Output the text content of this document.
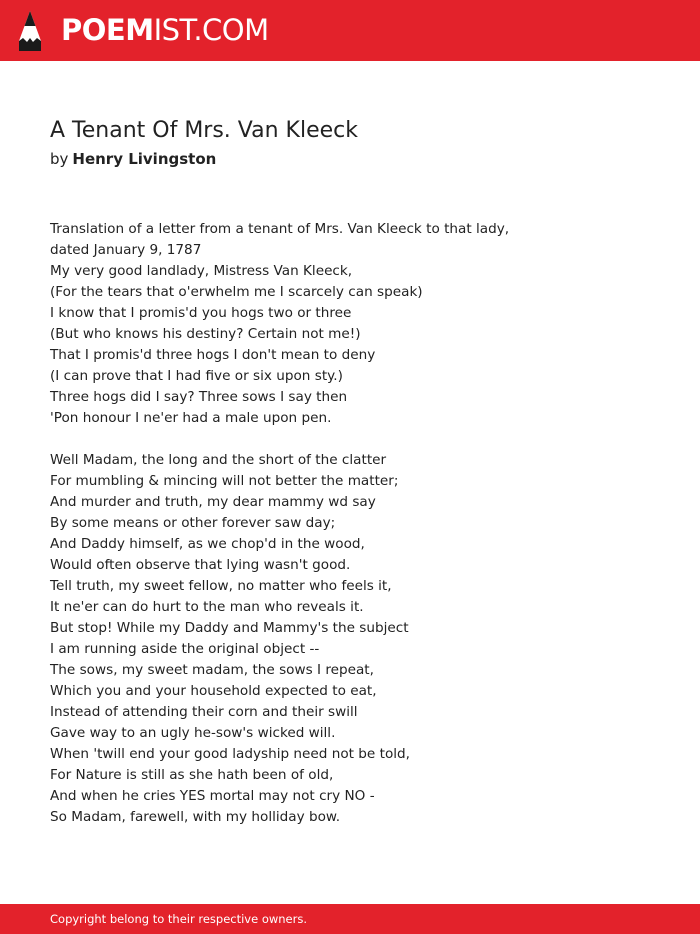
POEMIST.COM
A Tenant Of Mrs. Van Kleeck
by Henry Livingston
Translation of a letter from a tenant of Mrs. Van Kleeck to that lady,
dated January 9, 1787
My very good landlady, Mistress Van Kleeck,
(For the tears that o'erwhelm me I scarcely can speak)
I know that I promis'd you hogs two or three
(But who knows his destiny? Certain not me!)
That I promis'd three hogs I don't mean to deny
(I can prove that I had five or six upon sty.)
Three hogs did I say? Three sows I say then
'Pon honour I ne'er had a male upon pen.
Well Madam, the long and the short of the clatter
For mumbling & mincing will not better the matter;
And murder and truth, my dear mammy wd say
By some means or other forever saw day;
And Daddy himself, as we chop'd in the wood,
Would often observe that lying wasn't good.
Tell truth, my sweet fellow, no matter who feels it,
It ne'er can do hurt to the man who reveals it.
But stop! While my Daddy and Mammy's the subject
I am running aside the original object --
The sows, my sweet madam, the sows I repeat,
Which you and your household expected to eat,
Instead of attending their corn and their swill
Gave way to an ugly he-sow's wicked will.
When 'twill end your good ladyship need not be told,
For Nature is still as she hath been of old,
And when he cries YES mortal may not cry NO -
So Madam, farewell, with my holliday bow.
Copyright belong to their respective owners.
